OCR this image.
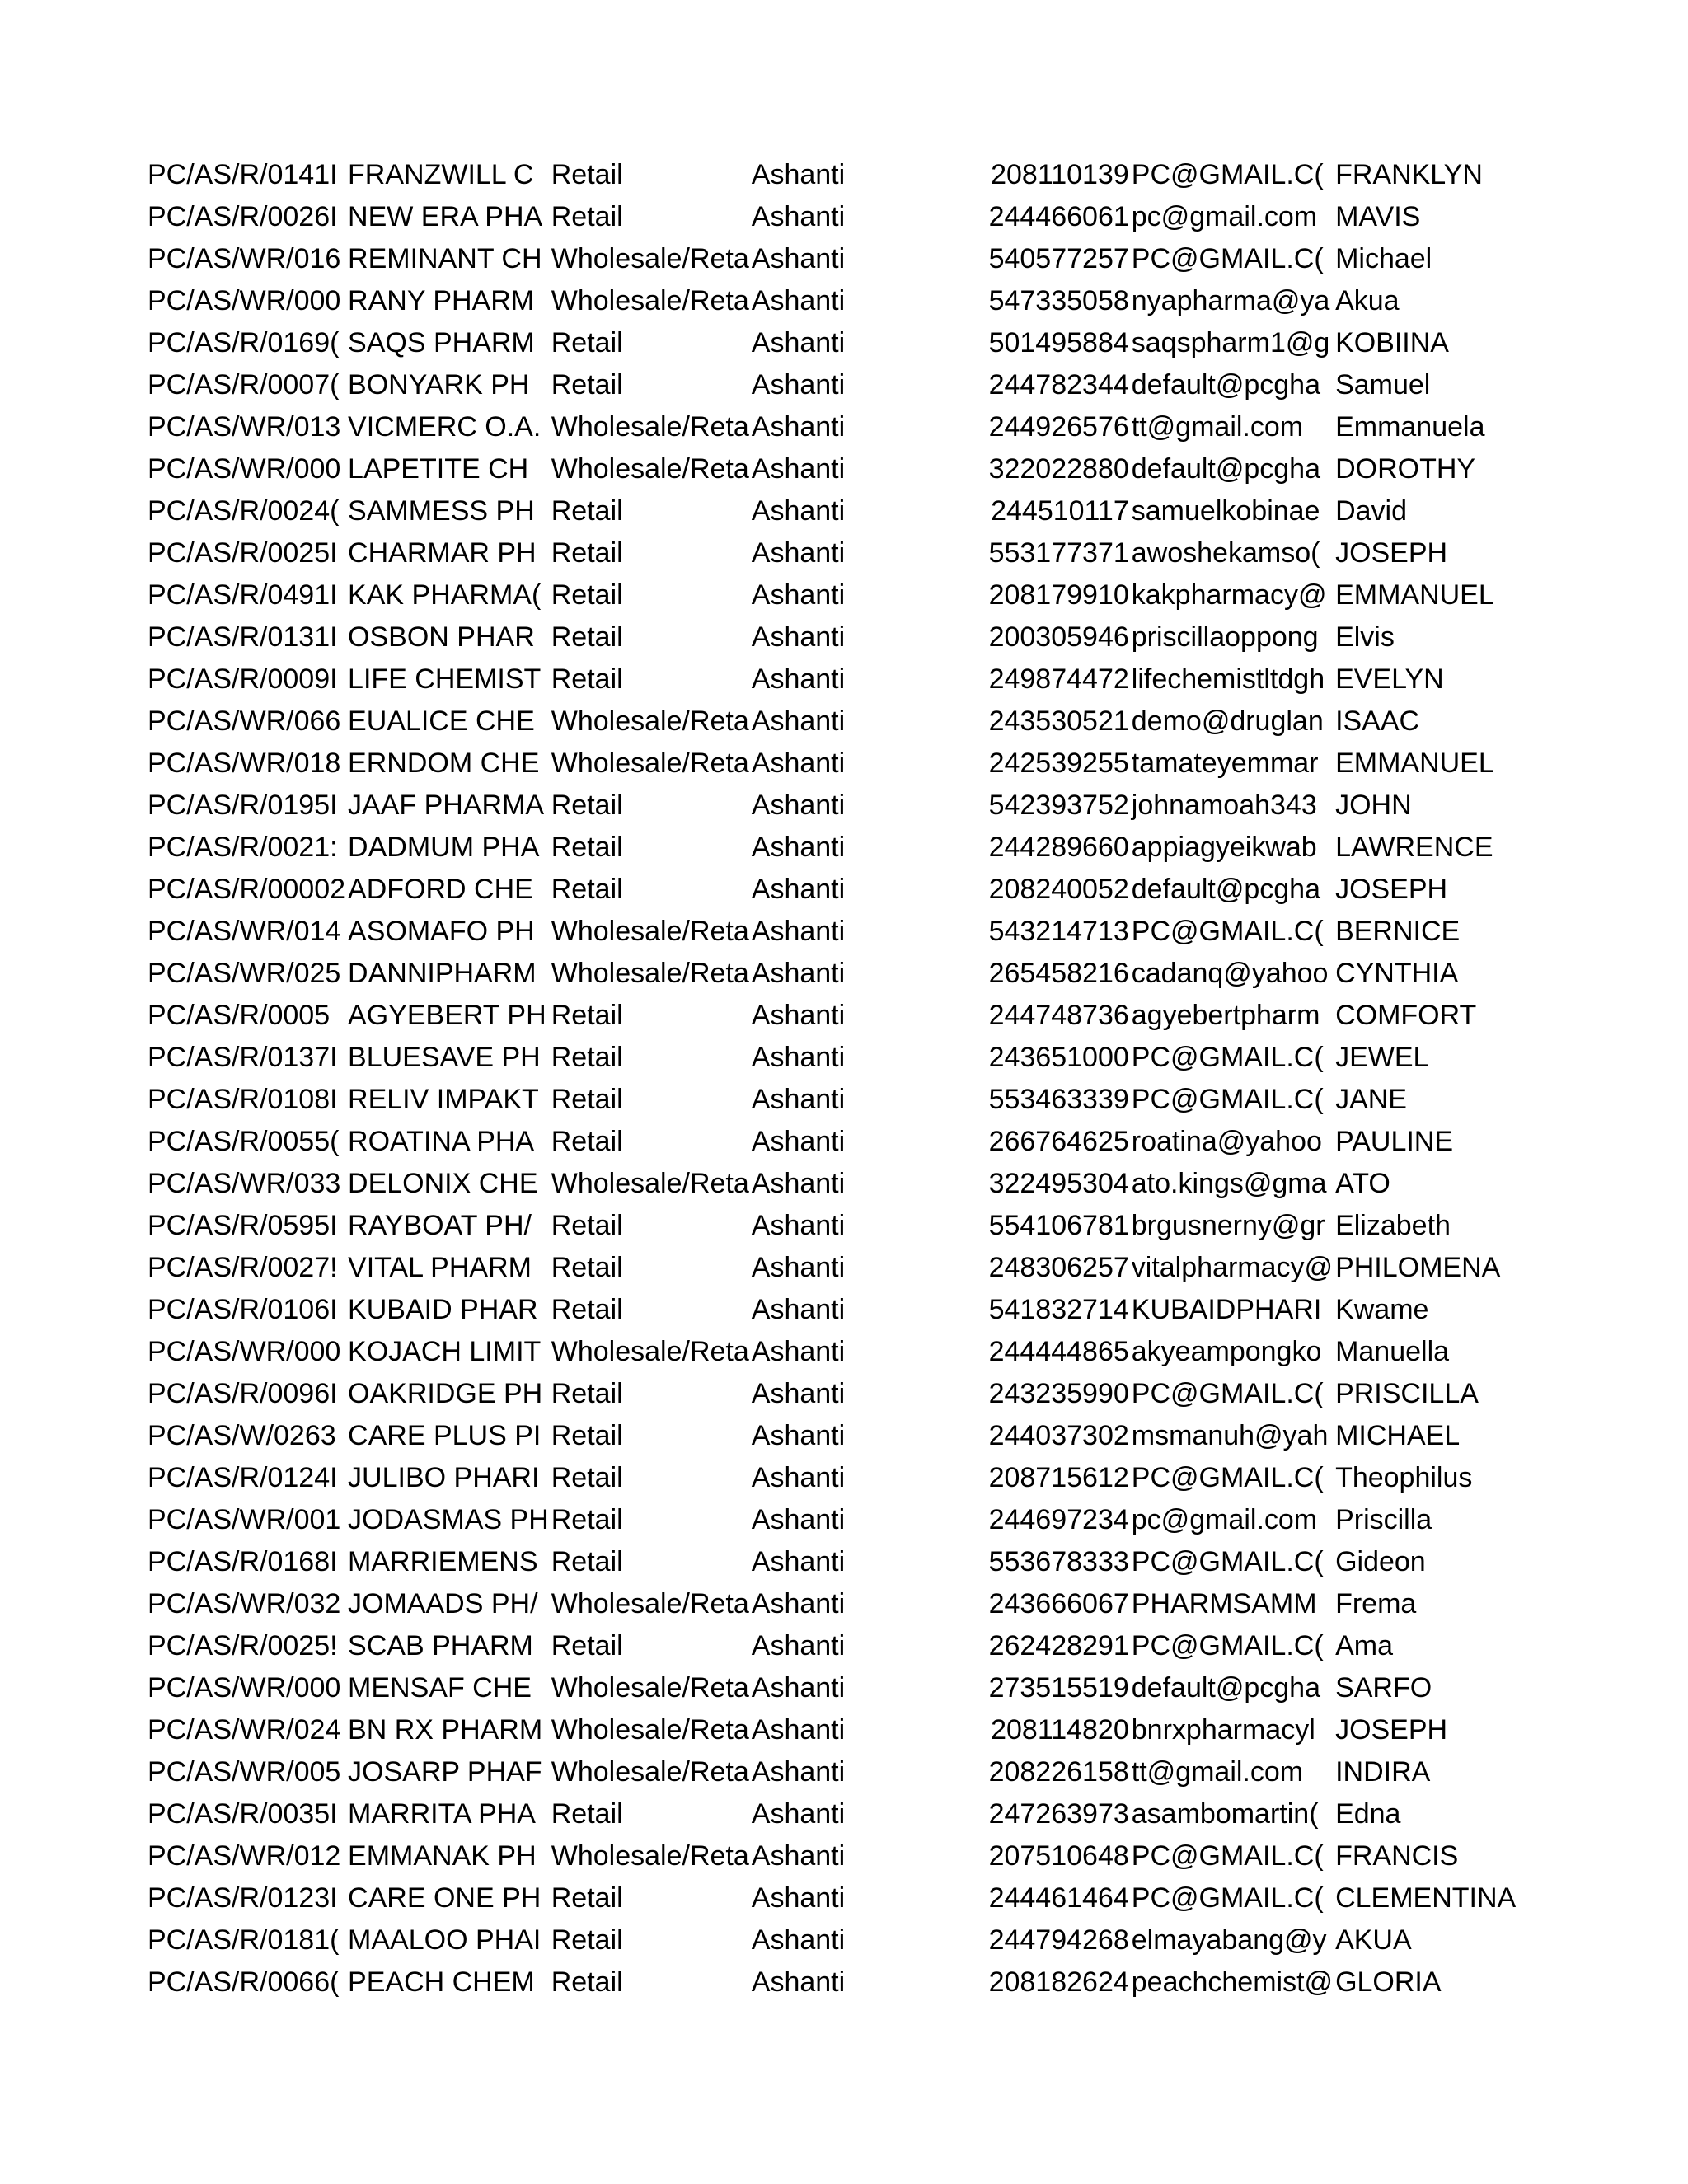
PC/AS/R/0141I	FRANZWILL C	Retail	Ashanti	208110139	PC@GMAIL.C(	FRANKLYN
PC/AS/R/0026I	NEW ERA PHA	Retail	Ashanti	244466061	pc@gmail.com	MAVIS
PC/AS/WR/016	REMINANT CH	Wholesale/Reta	Ashanti	540577257	PC@GMAIL.C(	Michael
PC/AS/WR/000	RANY PHARM	Wholesale/Reta	Ashanti	547335058	nyapharma@ya	Akua
PC/AS/R/0169(	SAQS PHARM	Retail	Ashanti	501495884	saqspharm1@g	KOBIINA
PC/AS/R/0007(	BONYARK PH	Retail	Ashanti	244782344	default@pcgha	Samuel
PC/AS/WR/013	VICMERC O.A.	Wholesale/Reta	Ashanti	244926576	tt@gmail.com	Emmanuela
PC/AS/WR/000	LAPETITE CH	Wholesale/Reta	Ashanti	322022880	default@pcgha	DOROTHY
PC/AS/R/0024(	SAMMESS PH	Retail	Ashanti	244510117	samuelkobinae	David
PC/AS/R/0025I	CHARMAR PH	Retail	Ashanti	553177371	awoshekamso(	JOSEPH
PC/AS/R/0491I	KAK PHARMA(	Retail	Ashanti	208179910	kakpharmacy@	EMMANUEL
PC/AS/R/0131I	OSBON PHAR	Retail	Ashanti	200305946	priscillaoppong	Elvis
PC/AS/R/0009I	LIFE CHEMIST	Retail	Ashanti	249874472	lifechemistltdgh	EVELYN
PC/AS/WR/066	EUALICE CHE	Wholesale/Reta	Ashanti	243530521	demo@druglan	ISAAC
PC/AS/WR/018	ERNDOM CHE	Wholesale/Reta	Ashanti	242539255	tamateyemmar	EMMANUEL
PC/AS/R/0195I	JAAF PHARMA	Retail	Ashanti	542393752	johnamoah343	JOHN
PC/AS/R/0021:	DADMUM PHA	Retail	Ashanti	244289660	appiagyeikwab	LAWRENCE
PC/AS/R/00002	ADFORD CHE	Retail	Ashanti	208240052	default@pcgha	JOSEPH
PC/AS/WR/014	ASOMAFO PH	Wholesale/Reta	Ashanti	543214713	PC@GMAIL.C(	BERNICE
PC/AS/WR/025	DANNIPHARM	Wholesale/Reta	Ashanti	265458216	cadanq@yahoo	CYNTHIA
PC/AS/R/0005	AGYEBERT PH	Retail	Ashanti	244748736	agyebertpharm	COMFORT
PC/AS/R/0137I	BLUESAVE PH	Retail	Ashanti	243651000	PC@GMAIL.C(	JEWEL
PC/AS/R/0108I	RELIV IMPAKT	Retail	Ashanti	553463339	PC@GMAIL.C(	JANE
PC/AS/R/0055(	ROATINA PHA	Retail	Ashanti	266764625	roatina@yahoo	PAULINE
PC/AS/WR/033	DELONIX CHE	Wholesale/Reta	Ashanti	322495304	ato.kings@gma	ATO
PC/AS/R/0595I	RAYBOAT PH/	Retail	Ashanti	554106781	brgusnerny@gr	Elizabeth
PC/AS/R/0027!	VITAL PHARM	Retail	Ashanti	248306257	vitalpharmacy@	PHILOMENA
PC/AS/R/0106I	KUBAID PHAR	Retail	Ashanti	541832714	KUBAIDPHARI	Kwame
PC/AS/WR/000	KOJACH LIMIT	Wholesale/Reta	Ashanti	244444865	akyeampongko	Manuella
PC/AS/R/0096I	OAKRIDGE PH	Retail	Ashanti	243235990	PC@GMAIL.C(	PRISCILLA
PC/AS/W/0263	CARE PLUS PI	Retail	Ashanti	244037302	msmanuh@yah	MICHAEL
PC/AS/R/0124I	JULIBO PHARI	Retail	Ashanti	208715612	PC@GMAIL.C(	Theophilus
PC/AS/WR/001	JODASMAS PH	Retail	Ashanti	244697234	pc@gmail.com	Priscilla
PC/AS/R/0168I	MARRIEMENS	Retail	Ashanti	553678333	PC@GMAIL.C(	Gideon
PC/AS/WR/032	JOMAADS PH/	Wholesale/Reta	Ashanti	243666067	PHARMSAMM	Frema
PC/AS/R/0025!	SCAB PHARM	Retail	Ashanti	262428291	PC@GMAIL.C(	Ama
PC/AS/WR/000	MENSAF CHE	Wholesale/Reta	Ashanti	273515519	default@pcgha	SARFO
PC/AS/WR/024	BN RX PHARM	Wholesale/Reta	Ashanti	208114820	bnrxpharmacyl	JOSEPH
PC/AS/WR/005	JOSARP PHAF	Wholesale/Reta	Ashanti	208226158	tt@gmail.com	INDIRA
PC/AS/R/0035I	MARRITA PHA	Retail	Ashanti	247263973	asambomartin(	Edna
PC/AS/WR/012	EMMANAK PH	Wholesale/Reta	Ashanti	207510648	PC@GMAIL.C(	FRANCIS
PC/AS/R/0123I	CARE ONE PH	Retail	Ashanti	244461464	PC@GMAIL.C(	CLEMENTINA
PC/AS/R/0181(	MAALOO PHAI	Retail	Ashanti	244794268	elmayabang@y	AKUA
PC/AS/R/0066(	PEACH CHEM	Retail	Ashanti	208182624	peachchemist@	GLORIA
